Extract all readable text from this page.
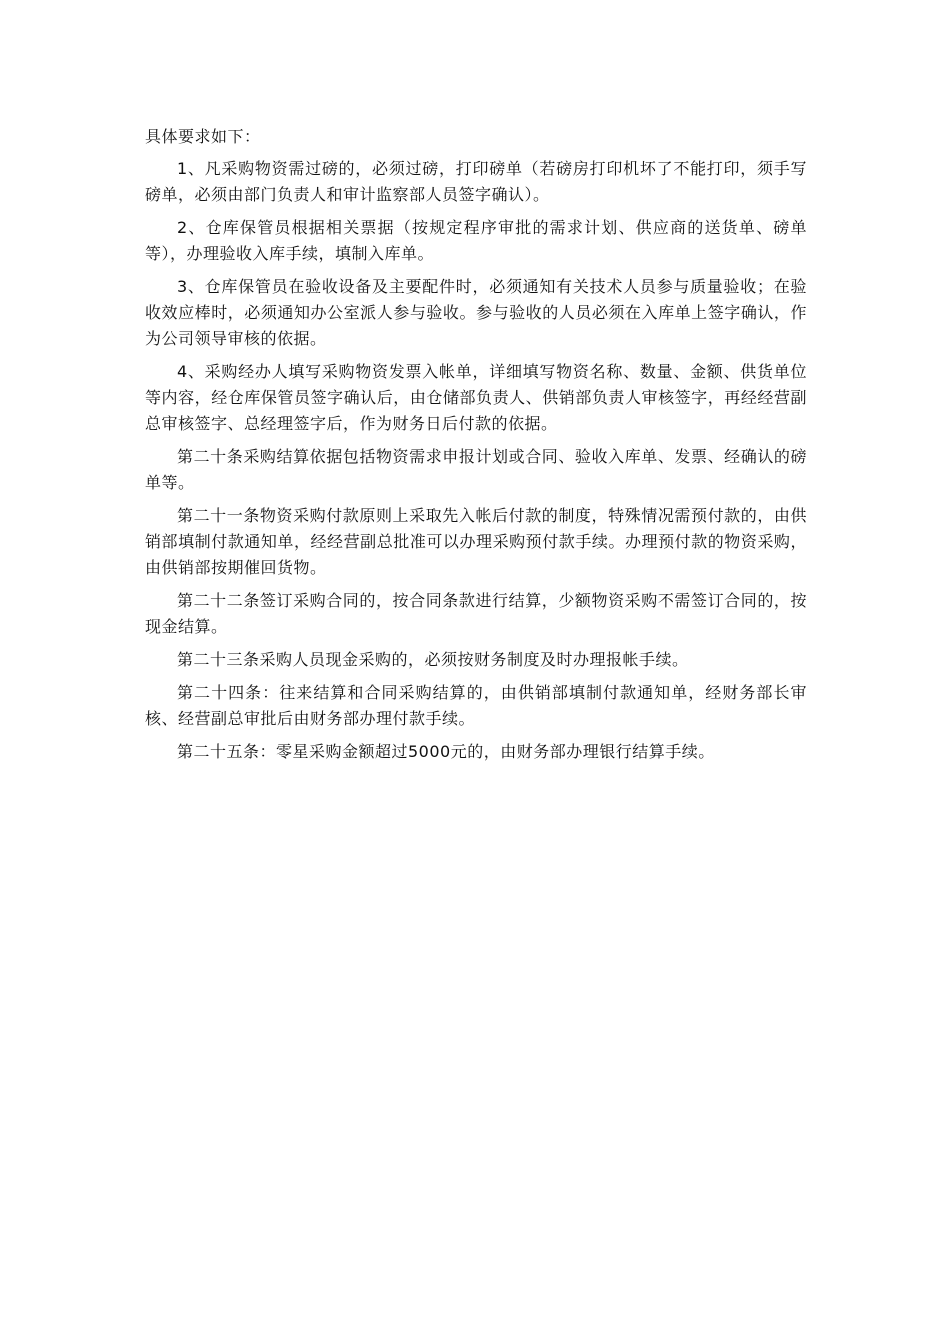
具体要求如下：

1、凡采购物资需过磅的，必须过磅，打印磅单（若磅房打印机坏了不能打印，须手写磅单，必须由部门负责人和审计监察部人员签字确认）。

2、仓库保管员根据相关票据（按规定程序审批的需求计划、供应商的送货单、磅单等），办理验收入库手续，填制入库单。

3、仓库保管员在验收设备及主要配件时，必须通知有关技术人员参与质量验收；在验收效应棒时，必须通知办公室派人参与验收。参与验收的人员必须在入库单上签字确认，作为公司领导审核的依据。

4、采购经办人填写采购物资发票入帐单，详细填写物资名称、数量、金额、供货单位等内容，经仓库保管员签字确认后，由仓储部负责人、供销部负责人审核签字，再经经营副总审核签字、总经理签字后，作为财务日后付款的依据。

第二十条采购结算依据包括物资需求申报计划或合同、验收入库单、发票、经确认的磅单等。

第二十一条物资采购付款原则上采取先入帐后付款的制度，特殊情况需预付款的，由供销部填制付款通知单，经经营副总批准可以办理采购预付款手续。办理预付款的物资采购，由供销部按期催回货物。

第二十二条签订采购合同的，按合同条款进行结算，少额物资采购不需签订合同的，按现金结算。

第二十三条采购人员现金采购的，必须按财务制度及时办理报帐手续。

第二十四条：往来结算和合同采购结算的，由供销部填制付款通知单，经财务部长审核、经营副总审批后由财务部办理付款手续。

第二十五条：零星采购金额超过5000元的，由财务部办理银行结算手续。
